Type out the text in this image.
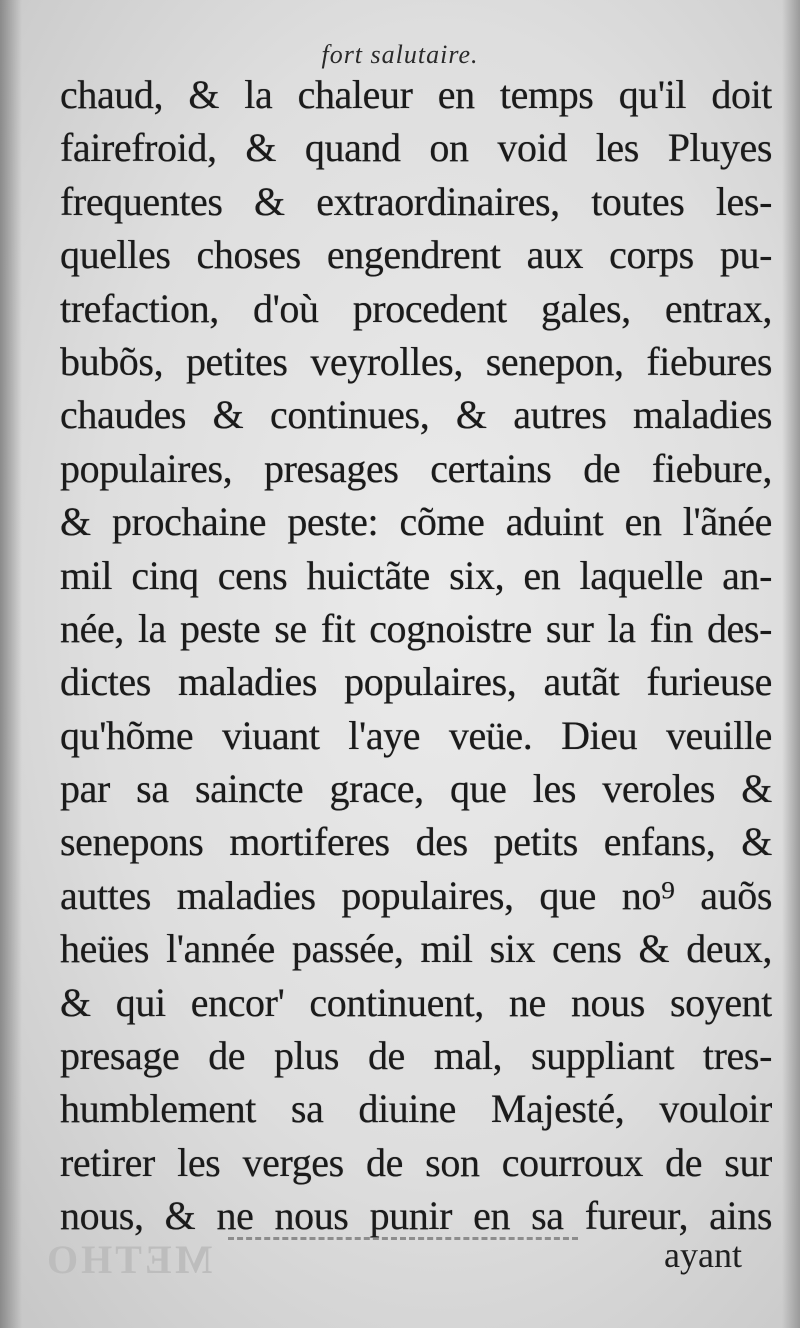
fort salutaire.
chaud, & la chaleur en temps qu'il doit
fairefroid, & quand on void les Pluyes
frequentes & extraordinaires, toutes les-
quelles choses engendrent aux corps pu-
trefaction, d'où procedent gales, entrax,
bubõs, petites veyrolles, senepon, fiebures
chaudes & continues, & autres maladies
populaires, presages certains de fiebure,
& prochaine peste: cõme aduint en l'ãnée
mil cinq cens huictãte six, en laquelle an-
née, la peste se fit cognoistre sur la fin des-
dictes maladies populaires, autãt furieuse
qu'hõme viuant l'aye veüe. Dieu veuille
par sa saincte grace, que les veroles &
senepons mortiferes des petits enfans, &
auttes maladies populaires, que no⁹ auõs
heües l'année passée, mil six cens & deux,
& qui encor' continuent, ne nous soyent
presage de plus de mal, suppliant tres-
humblement sa diuine Majesté, vouloir
retirer les verges de son courroux de sur
nous, & ne nous punir en sa fureur, ains
METHO	ayant
